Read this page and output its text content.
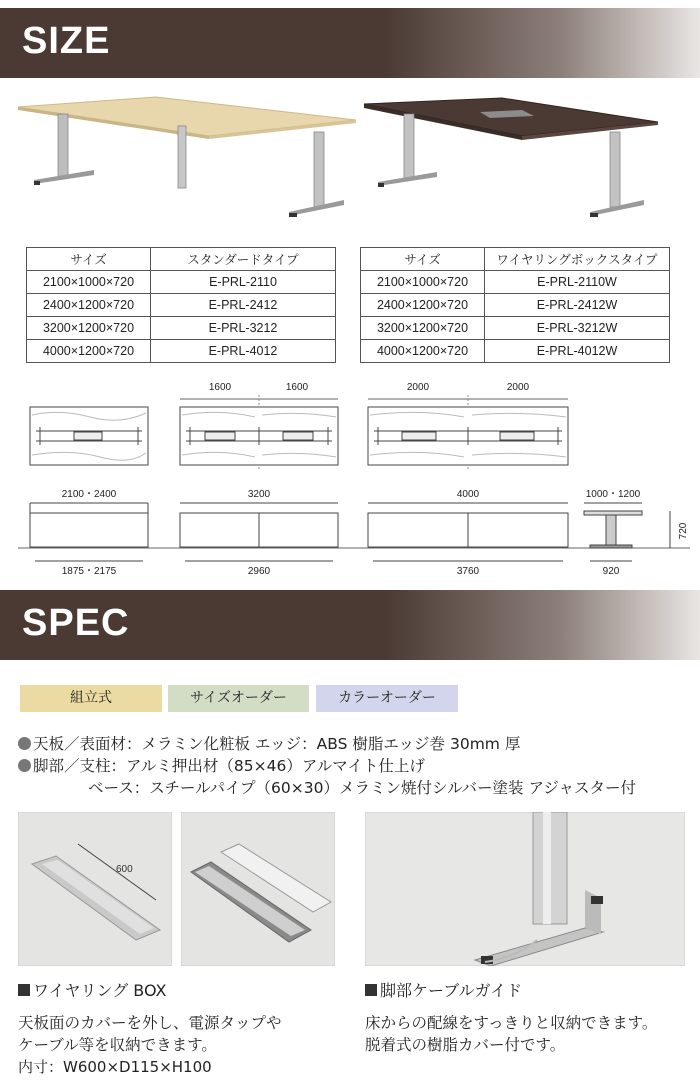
SIZE
サイズ	スタンダードタイプ
2100×1000×720	E-PRL-2110
2400×1200×720	E-PRL-2412
3200×1200×720	E-PRL-3212
4000×1200×720	E-PRL-4012
サイズ	ワイヤリングボックスタイプ
2100×1000×720	E-PRL-2110W
2400×1200×720	E-PRL-2412W
3200×1200×720	E-PRL-3212W
4000×1200×720	E-PRL-4012W
1600	1600	2000	2000
2100・2400	3200	4000	1000・1200
720
1875・2175	2960	3760	920
SPEC
組立式	サイズオーダー	カラーオーダー
天板／表面材：メラミン化粧板 エッジ：ABS 樹脂エッジ巻 30mm 厚
脚部／支柱：アルミ押出材（85×46）アルマイト仕上げ
ベース：スチールパイプ（60×30）メラミン焼付シルバー塗装 アジャスター付
600
ワイヤリング BOX	脚部ケーブルガイド
天板面のカバーを外し、電源タップや
ケーブル等を収納できます。
内寸：W600×D115×H100
床からの配線をすっきりと収納できます。
脱着式の樹脂カバー付です。
